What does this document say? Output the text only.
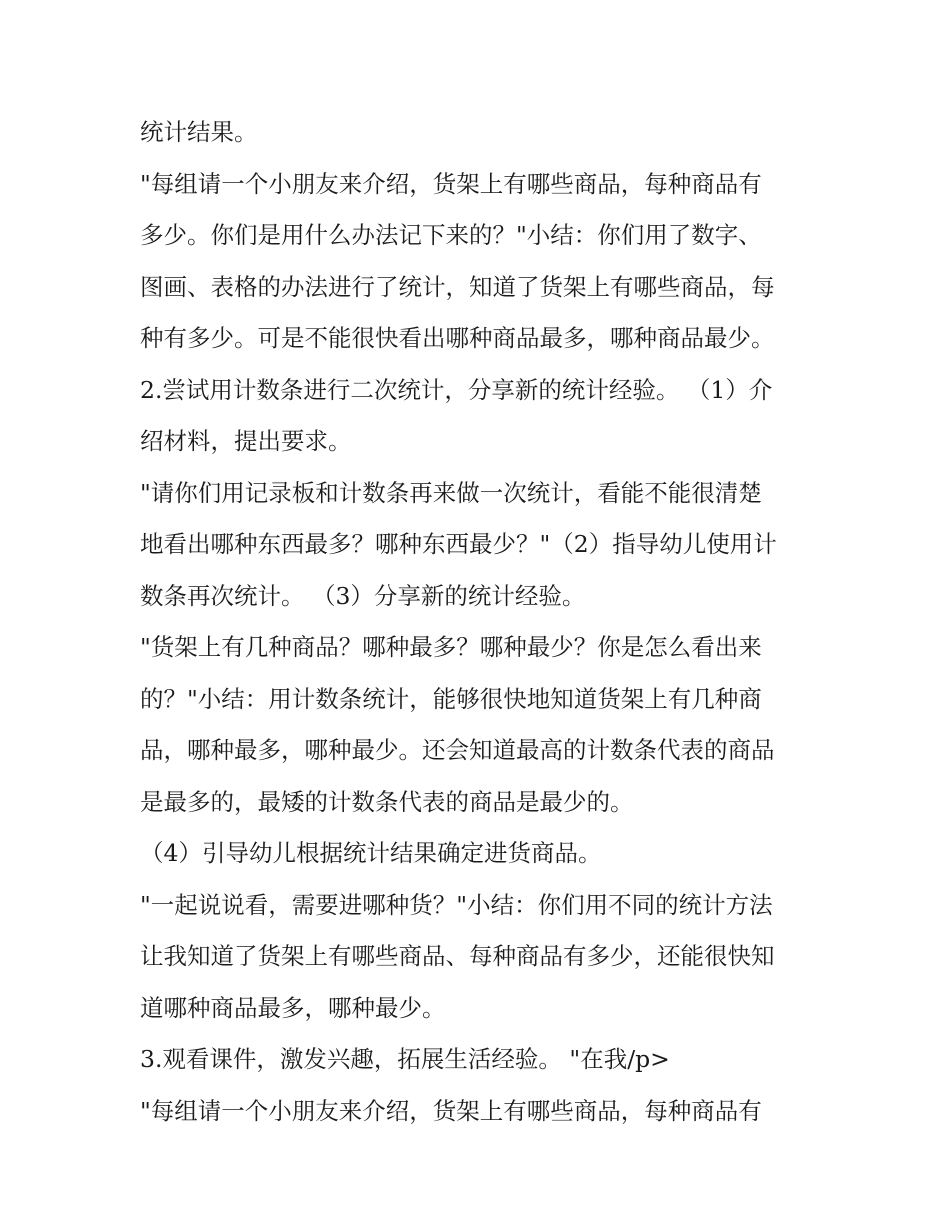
统计结果。
"每组请一个小朋友来介绍，货架上有哪些商品，每种商品有
多少。你们是用什么办法记下来的？"小结：你们用了数字、
图画、表格的办法进行了统计，知道了货架上有哪些商品，每
种有多少。可是不能很快看出哪种商品最多，哪种商品最少。
2.尝试用计数条进行二次统计，分享新的统计经验。 （1）介
绍材料，提出要求。
"请你们用记录板和计数条再来做一次统计，看能不能很清楚
地看出哪种东西最多？哪种东西最少？"（2）指导幼儿使用计
数条再次统计。 （3）分享新的统计经验。
"货架上有几种商品？哪种最多？哪种最少？你是怎么看出来
的？"小结：用计数条统计，能够很快地知道货架上有几种商
品，哪种最多，哪种最少。还会知道最高的计数条代表的商品
是最多的，最矮的计数条代表的商品是最少的。
（4）引导幼儿根据统计结果确定进货商品。
"一起说说看，需要进哪种货？"小结：你们用不同的统计方法
让我知道了货架上有哪些商品、每种商品有多少，还能很快知
道哪种商品最多，哪种最少。
3.观看课件，激发兴趣，拓展生活经验。 "在我/p>
"每组请一个小朋友来介绍，货架上有哪些商品，每种商品有
